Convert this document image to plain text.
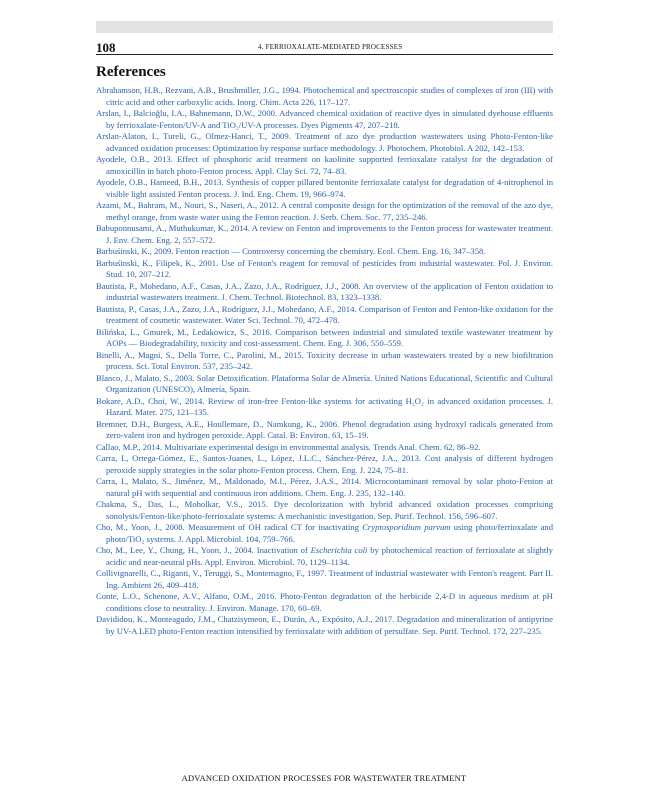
108	4. FERRIOXALATE-MEDIATED PROCESSES
References

Abrahamson, H.B., Rezvani, A.B., Brushmiller, J.G., 1994. Photochemical and spectroscopic studies of complexes of iron (III) with citric acid and other carboxylic acids. Inorg. Chim. Acta 226, 117–127.

Arslan, I., Balcioğlu, I.A., Bahnemann, D.W., 2000. Advanced chemical oxidation of reactive dyes in simulated dyehouse effluents by ferrioxalate-Fenton/UV-A and TiO₂/UV-A processes. Dyes Pigments 47, 207–218.

Arslan-Alaton, I., Tureli, G., Olmez-Hanci, T., 2009. Treatment of azo dye production wastewaters using Photo-Fenton-like advanced oxidation processes: Optimization by response surface methodology. J. Photochem. Photobiol. A 202, 142–153.

Ayodele, O.B., 2013. Effect of phosphoric acid treatment on kaolinite supported ferrioxalate catalyst for the degradation of amoxicillin in batch photo-Fenton process. Appl. Clay Sci. 72, 74–83.

Ayodele, O.B., Hameed, B.H., 2013. Synthesis of copper pillared bentonite ferrioxalate catalyst for degradation of 4-nitrophenol in visible light assisted Fenton process. J. Ind. Eng. Chem. 19, 966–974.

Azami, M., Bahram, M., Nouri, S., Naseri, A., 2012. A central composite design for the optimization of the removal of the azo dye, methyl orange, from waste water using the Fenton reaction. J. Serb. Chem. Soc. 77, 235–246.

Babuponnusami, A., Muthukumar, K., 2014. A review on Fenton and improvements to the Fenton process for wastewater treatment. J. Env. Chem. Eng. 2, 557–572.

Barbuśinski, K., 2009. Fenton reaction — Controversy concerning the chemistry. Ecol. Chem. Eng. 16, 347–358.

Barbuśinski, K., Filipek, K., 2001. Use of Fenton's reagent for removal of pesticides from industrial wastewater. Pol. J. Environ. Stud. 10, 207–212.

Bautista, P., Mohedano, A.F., Casas, J.A., Zazo, J.A., Rodríguez, J.J., 2008. An overview of the application of Fenton oxidation to industrial wastewaters treatment. J. Chem. Technol. Biotechnol. 83, 1323–1338.

Bautista, P., Casas, J.A., Zazo, J.A., Rodríguez, J.J., Mohedano, A.F., 2014. Comparison of Fenton and Fenton-like oxidation for the treatment of cosmetic wastewater. Water Sci. Technol. 70, 472–478.

Bilińska, L., Gmurek, M., Ledakowicz, S., 2016. Comparison between industrial and simulated textile wastewater treatment by AOPs — Biodegradability, toxicity and cost-assessment. Chem. Eng. J. 306, 550–559.

Binelli, A., Magni, S., Della Torre, C., Parolini, M., 2015. Toxicity decrease in urban wastewaters treated by a new biofiltration process. Sci. Total Environ. 537, 235–242.

Blanco, J., Malato, S., 2003. Solar Detoxification. Plataforma Solar de Almería. United Nations Educational, Scientific and Cultural Organization (UNESCO), Almería, Spain.

Bokare, A.D., Choi, W., 2014. Review of iron-free Fenton-like systems for activating H₂O₂ in advanced oxidation processes. J. Hazard. Mater. 275, 121–135.

Bremner, D.H., Burgess, A.E., Houllemare, D., Namkung, K., 2006. Phenol degradation using hydroxyl radicals generated from zero-valent iron and hydrogen peroxide. Appl. Catal. B: Environ. 63, 15–19.

Callao, M.P., 2014. Multivariate experimental design in environmental analysis. Trends Anal. Chem. 62, 86–92.

Carra, I., Ortega-Gómez, E., Santos-Juanes, L., López, J.L.C., Sánchez-Pérez, J.A., 2013. Cost analysis of different hydrogen peroxide supply strategies in the solar photo-Fenton process. Chem. Eng. J. 224, 75–81.

Carra, I., Malato, S., Jiménez, M., Maldonado, M.I., Pérez, J.A.S., 2014. Microcontaminant removal by solar photo-Fenton at natural pH with sequential and continuous iron additions. Chem. Eng. J. 235, 132–140.

Chakma, S., Das, L., Moholkar, V.S., 2015. Dye decolorization with hybrid advanced oxidation processes comprising sonolysis/Fenton-like/photo-ferrioxalate systems: A mechanistic investigation. Sep. Purif. Technol. 156, 596–607.

Cho, M., Yoon, J., 2008. Measurement of OH radical CT for inactivating Cryptosporidium parvum using photo/ferrioxalate and photo/TiO₂ systems. J. Appl. Microbiol. 104, 759–766.

Cho, M., Lee, Y., Chung, H., Yoon, J., 2004. Inactivation of Escherichia coli by photochemical reaction of ferrioxalate at slightly acidic and near-neutral pHs. Appl. Environ. Microbiol. 70, 1129–1134.

Collivignarelli, C., Riganti, V., Teruggi, S., Montemagno, F., 1997. Treatment of industrial wastewater with Fenton's reagent. Part II. Ing. Ambient 26, 409–418.

Conte, L.O., Schenone, A.V., Alfano, O.M., 2016. Photo-Fenton degradation of the herbicide 2,4-D in aqueous medium at pH conditions close to neutrality. J. Environ. Manage. 170, 60–69.

Davididou, K., Monteagudo, J.M., Chatzisymeon, E., Durán, A., Expósito, A.J., 2017. Degradation and mineralization of antipyrine by UV-A LED photo-Fenton reaction intensified by ferrioxalate with addition of persulfate. Sep. Purif. Technol. 172, 227–235.

ADVANCED OXIDATION PROCESSES FOR WASTEWATER TREATMENT
